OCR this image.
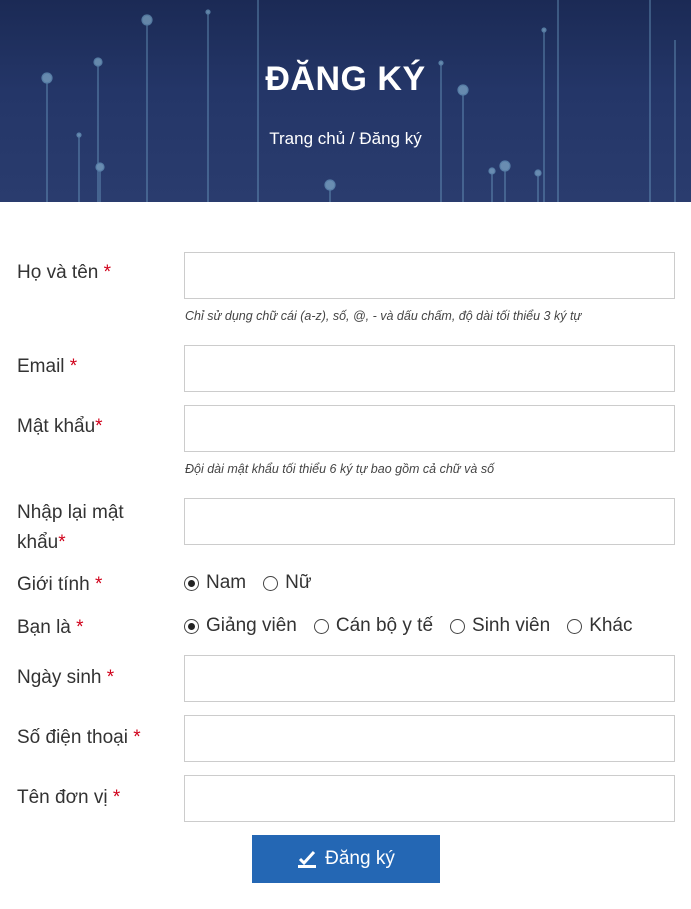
ĐĂNG KÝ
Trang chủ / Đăng ký
Họ và tên *
Chỉ sử dụng chữ cái (a-z), số, @, - và dấu chấm, độ dài tối thiểu 3 ký tự
Email *
Mật khẩu*
Đội dài mật khẩu tối thiểu 6 ký tự bao gồm cả chữ và số
Nhập lại mật
khẩu*
Giới tính *	Nam Nữ
Bạn là *	Giảng viên Cán bộ y tế Sinh viên Khác
Ngày sinh *
Số điện thoại *
Tên đơn vị *
Đăng ký
